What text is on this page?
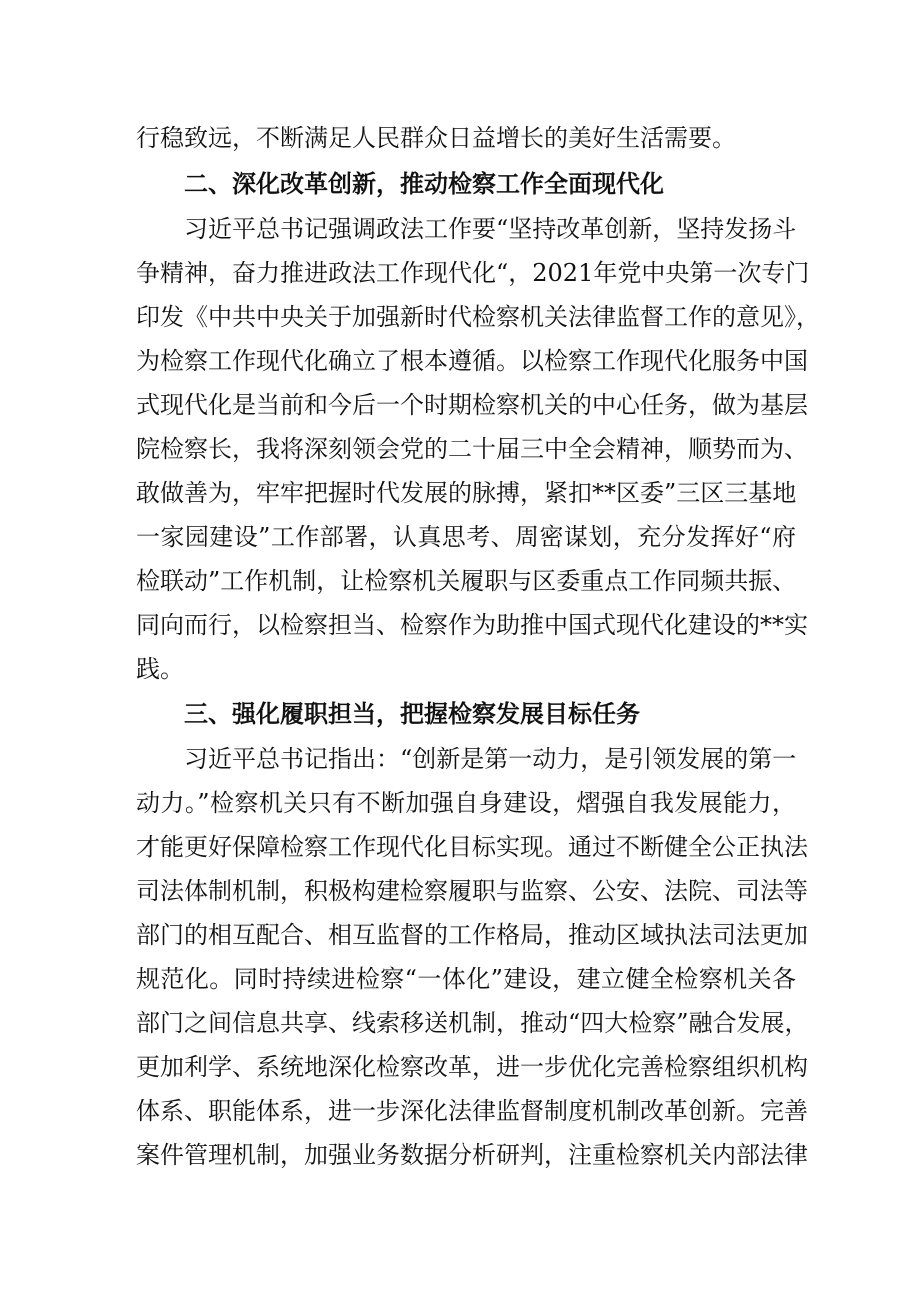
行稳致远，不断满足人民群众日益增长的美好生活需要。
二、深化改革创新，推动检察工作全面现代化
习近平总书记强调政法工作要“坚持改革创新，坚持发扬斗
争精神，奋力推进政法工作现代化“，2021年党中央第一次专门
印发《中共中央关于加强新时代检察机关法律监督工作的意见》，
为检察工作现代化确立了根本遵循。以检察工作现代化服务中国
式现代化是当前和今后一个时期检察机关的中心任务，做为基层
院检察长，我将深刻领会党的二十届三中全会精神，顺势而为、
敢做善为，牢牢把握时代发展的脉搏，紧扣**区委”三区三基地
一家园建设”工作部署，认真思考、周密谋划，充分发挥好“府
检联动”工作机制，让检察机关履职与区委重点工作同频共振、
同向而行，以检察担当、检察作为助推中国式现代化建设的**实
践。
三、强化履职担当，把握检察发展目标任务
习近平总书记指出：“创新是第一动力，是引领发展的第一
动力。”检察机关只有不断加强自身建设，熠强自我发展能力，
才能更好保障检察工作现代化目标实现。通过不断健全公正执法
司法体制机制，积极构建检察履职与监察、公安、法院、司法等
部门的相互配合、相互监督的工作格局，推动区域执法司法更加
规范化。同时持续进检察“一体化”建设，建立健全检察机关各
部门之间信息共享、线索移送机制，推动“四大检察”融合发展，
更加利学、系统地深化检察改革，进一步优化完善检察组织机构
体系、职能体系，进一步深化法律监督制度机制改革创新。完善
案件管理机制，加强业务数据分析研判，注重检察机关内部法律
